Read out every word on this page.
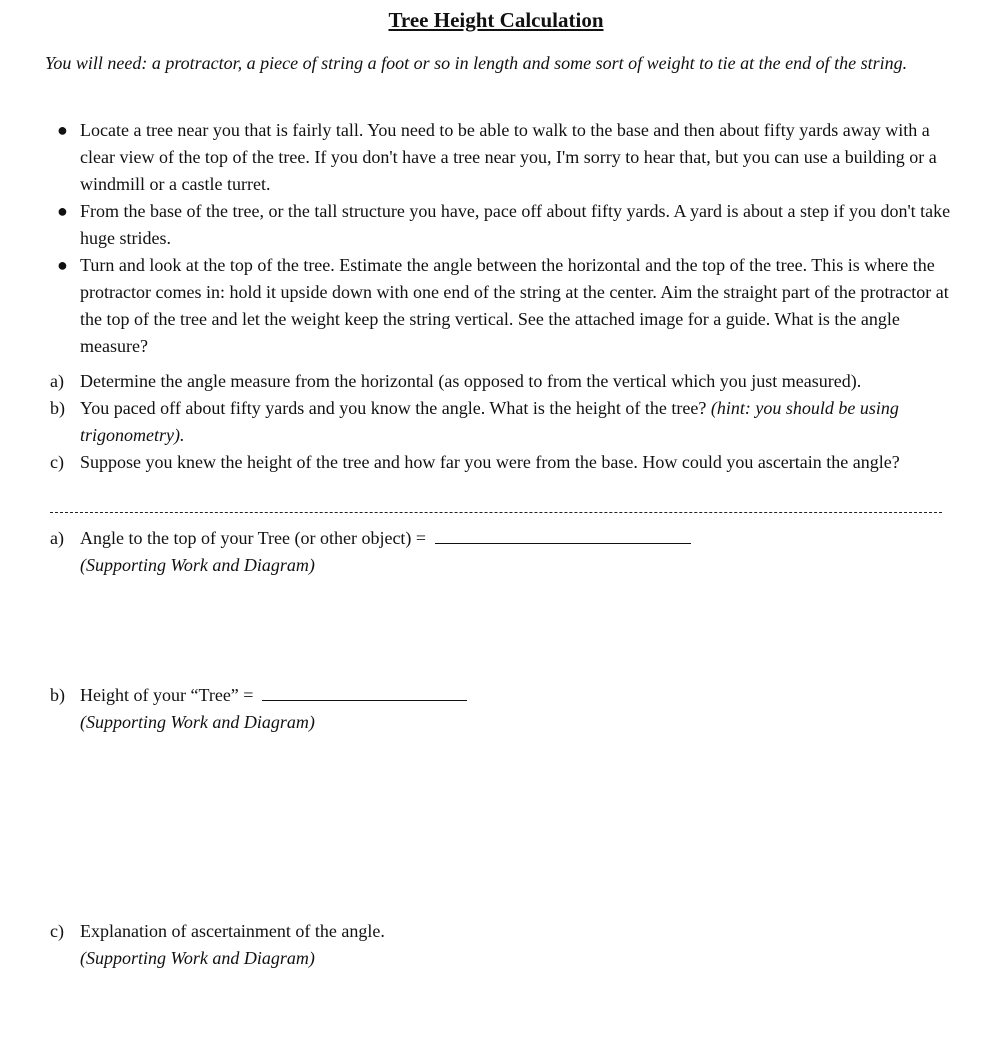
Tree Height Calculation

You will need: a protractor, a piece of string a foot or so in length and some sort of weight to tie at the end of the string.

● Locate a tree near you that is fairly tall. You need to be able to walk to the base and then about fifty yards away with a clear view of the top of the tree. If you don't have a tree near you, I'm sorry to hear that, but you can use a building or a windmill or a castle turret.
● From the base of the tree, or the tall structure you have, pace off about fifty yards. A yard is about a step if you don't take huge strides.
● Turn and look at the top of the tree. Estimate the angle between the horizontal and the top of the tree. This is where the protractor comes in: hold it upside down with one end of the string at the center. Aim the straight part of the protractor at the top of the tree and let the weight keep the string vertical. See the attached image for a guide. What is the angle measure?
a) Determine the angle measure from the horizontal (as opposed to from the vertical which you just measured).
b) You paced off about fifty yards and you know the angle. What is the height of the tree? (hint: you should be using trigonometry).
c) Suppose you knew the height of the tree and how far you were from the base. How could you ascertain the angle?
a) Angle to the top of your Tree (or other object) =
(Supporting Work and Diagram)
b) Height of your “Tree” =
(Supporting Work and Diagram)
c) Explanation of ascertainment of the angle.
(Supporting Work and Diagram)
